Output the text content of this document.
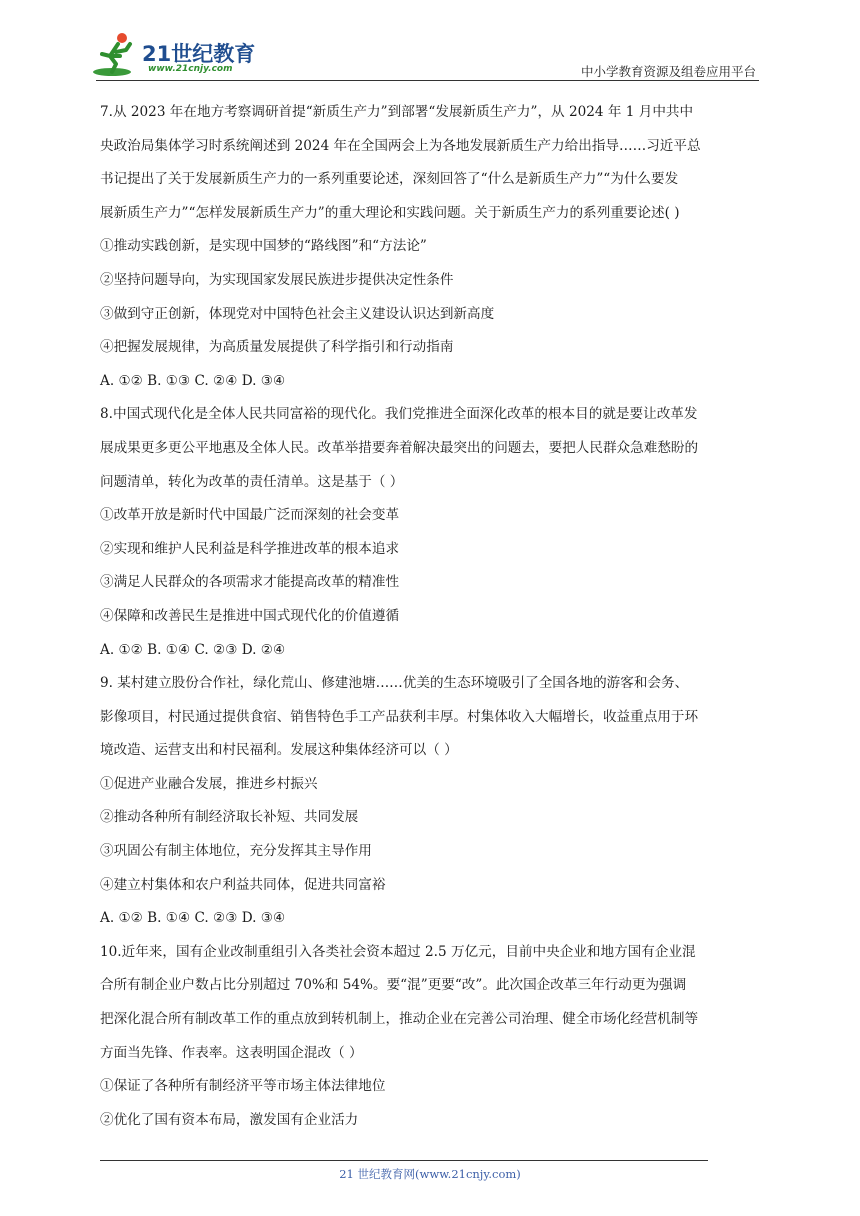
21世纪教育
www.21cnjy.com	中小学教育资源及组卷应用平台
7.从 2023 年在地方考察调研首提“新质生产力”到部署“发展新质生产力”，从 2024 年 1 月中共中
央政治局集体学习时系统阐述到 2024 年在全国两会上为各地发展新质生产力给出指导……习近平总
书记提出了关于发展新质生产力的一系列重要论述，深刻回答了“什么是新质生产力”“为什么要发
展新质生产力”“怎样发展新质生产力”的重大理论和实践问题。关于新质生产力的系列重要论述( )
①推动实践创新，是实现中国梦的“路线图”和“方法论”
②坚持问题导向，为实现国家发展民族进步提供决定性条件
③做到守正创新，体现党对中国特色社会主义建设认识达到新高度
④把握发展规律，为高质量发展提供了科学指引和行动指南
A. ①② B. ①③ C. ②④ D. ③④
8.中国式现代化是全体人民共同富裕的现代化。我们党推进全面深化改革的根本目的就是要让改革发
展成果更多更公平地惠及全体人民。改革举措要奔着解决最突出的问题去，要把人民群众急难愁盼的
问题清单，转化为改革的责任清单。这是基于（ ）
①改革开放是新时代中国最广泛而深刻的社会变革
②实现和维护人民利益是科学推进改革的根本追求
③满足人民群众的各项需求才能提高改革的精准性
④保障和改善民生是推进中国式现代化的价值遵循
A. ①② B. ①④ C. ②③ D. ②④
9. 某村建立股份合作社，绿化荒山、修建池塘……优美的生态环境吸引了全国各地的游客和会务、
影像项目，村民通过提供食宿、销售特色手工产品获利丰厚。村集体收入大幅增长，收益重点用于环
境改造、运营支出和村民福利。发展这种集体经济可以（ ）
①促进产业融合发展，推进乡村振兴
②推动各种所有制经济取长补短、共同发展
③巩固公有制主体地位，充分发挥其主导作用
④建立村集体和农户利益共同体，促进共同富裕
A. ①② B. ①④ C. ②③ D. ③④
10.近年来，国有企业改制重组引入各类社会资本超过 2.5 万亿元，目前中央企业和地方国有企业混
合所有制企业户数占比分别超过 70%和 54%。要“混”更要“改”。此次国企改革三年行动更为强调
把深化混合所有制改革工作的重点放到转机制上，推动企业在完善公司治理、健全市场化经营机制等
方面当先锋、作表率。这表明国企混改（ ）
①保证了各种所有制经济平等市场主体法律地位
②优化了国有资本布局，激发国有企业活力
21 世纪教育网(www.21cnjy.com)
